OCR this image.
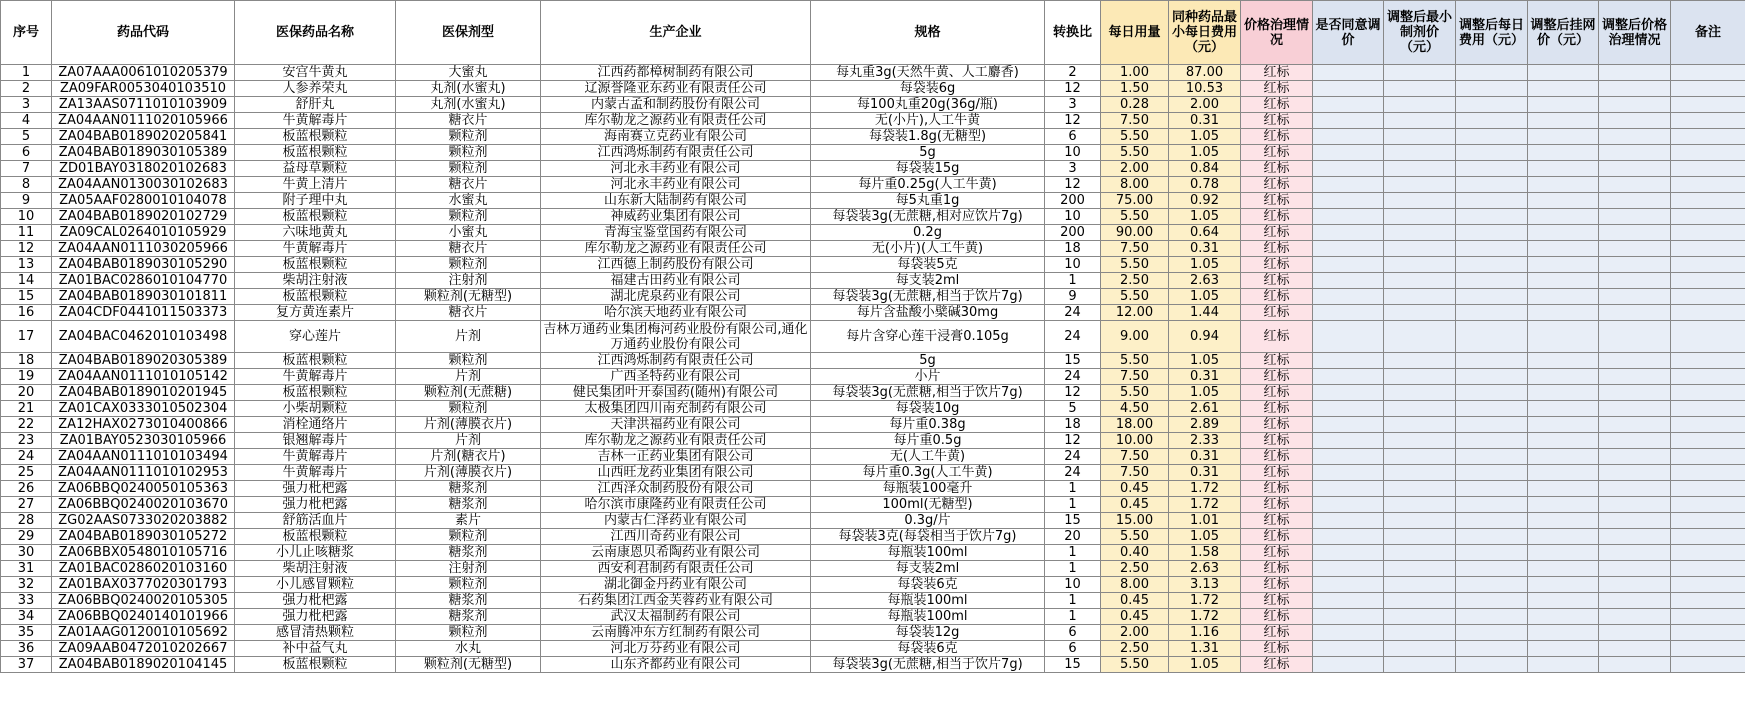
序号	药品代码	医保药品名称	医保剂型	生产企业	规格	转换比	每日用量	同种药品最小每日费用（元）	价格治理情况	是否同意调价	调整后最小制剂价（元）	调整后每日费用（元）	调整后挂网价（元）	调整后价格治理情况	备注
1	ZA07AAA0061010205379	安宫牛黄丸	大蜜丸	江西药都樟树制药有限公司	每丸重3g(天然牛黄、人工麝香)	2	1.00	87.00	红标						
2	ZA09FAR0053040103510	人参养荣丸	丸剂(水蜜丸)	辽源誉隆亚东药业有限责任公司	每袋装6g	12	1.50	10.53	红标						
3	ZA13AAS0711010103909	舒肝丸	丸剂(水蜜丸)	内蒙古孟和制药股份有限公司	每100丸重20g(36g/瓶)	3	0.28	2.00	红标						
4	ZA04AAN0111020105966	牛黄解毒片	糖衣片	库尔勒龙之源药业有限责任公司	无(小片),人工牛黄	12	7.50	0.31	红标						
5	ZA04BAB0189020205841	板蓝根颗粒	颗粒剂	海南赛立克药业有限公司	每袋装1.8g(无糖型)	6	5.50	1.05	红标						
6	ZA04BAB0189030105389	板蓝根颗粒	颗粒剂	江西鸿烁制药有限责任公司	5g	10	5.50	1.05	红标						
7	ZD01BAY0318020102683	益母草颗粒	颗粒剂	河北永丰药业有限公司	每袋装15g	3	2.00	0.84	红标						
8	ZA04AAN0130030102683	牛黄上清片	糖衣片	河北永丰药业有限公司	每片重0.25g(人工牛黄)	12	8.00	0.78	红标						
9	ZA05AAF0280010104078	附子理中丸	水蜜丸	山东新大陆制药有限公司	每5丸重1g	200	75.00	0.92	红标						
10	ZA04BAB0189020102729	板蓝根颗粒	颗粒剂	神威药业集团有限公司	每袋装3g(无蔗糖,相对应饮片7g)	10	5.50	1.05	红标						
11	ZA09CAL0264010105929	六味地黄丸	小蜜丸	青海宝鉴堂国药有限公司	0.2g	200	90.00	0.64	红标						
12	ZA04AAN0111030205966	牛黄解毒片	糖衣片	库尔勒龙之源药业有限责任公司	无(小片)(人工牛黄)	18	7.50	0.31	红标						
13	ZA04BAB0189030105290	板蓝根颗粒	颗粒剂	江西德上制药股份有限公司	每袋装5克	10	5.50	1.05	红标						
14	ZA01BAC0286010104770	柴胡注射液	注射剂	福建古田药业有限公司	每支装2ml	1	2.50	2.63	红标						
15	ZA04BAB0189030101811	板蓝根颗粒	颗粒剂(无糖型)	湖北虎泉药业有限公司	每袋装3g(无蔗糖,相当于饮片7g)	9	5.50	1.05	红标						
16	ZA04CDF0441011503373	复方黄连素片	糖衣片	哈尔滨天地药业有限公司	每片含盐酸小檗碱30mg	24	12.00	1.44	红标						
17	ZA04BAC0462010103498	穿心莲片	片剂	吉林万通药业集团梅河药业股份有限公司,通化万通药业股份有限公司	每片含穿心莲干浸膏0.105g	24	9.00	0.94	红标						
18	ZA04BAB0189020305389	板蓝根颗粒	颗粒剂	江西鸿烁制药有限责任公司	5g	15	5.50	1.05	红标						
19	ZA04AAN0111010105142	牛黄解毒片	片剂	广西圣特药业有限公司	小片	24	7.50	0.31	红标						
20	ZA04BAB0189010201945	板蓝根颗粒	颗粒剂(无蔗糖)	健民集团叶开泰国药(随州)有限公司	每袋装3g(无蔗糖,相当于饮片7g)	12	5.50	1.05	红标						
21	ZA01CAX0333010502304	小柴胡颗粒	颗粒剂	太极集团四川南充制药有限公司	每袋装10g	5	4.50	2.61	红标						
22	ZA12HAX0273010400866	消栓通络片	片剂(薄膜衣片)	天津洪福药业有限公司	每片重0.38g	18	18.00	2.89	红标						
23	ZA01BAY0523030105966	银翘解毒片	片剂	库尔勒龙之源药业有限责任公司	每片重0.5g	12	10.00	2.33	红标						
24	ZA04AAN0111010103494	牛黄解毒片	片剂(糖衣片)	吉林一正药业集团有限公司	无(人工牛黄)	24	7.50	0.31	红标						
25	ZA04AAN0111010102953	牛黄解毒片	片剂(薄膜衣片)	山西旺龙药业集团有限公司	每片重0.3g(人工牛黄)	24	7.50	0.31	红标						
26	ZA06BBQ0240050105363	强力枇杷露	糖浆剂	江西泽众制药股份有限公司	每瓶装100毫升	1	0.45	1.72	红标						
27	ZA06BBQ0240020103670	强力枇杷露	糖浆剂	哈尔滨市康隆药业有限责任公司	100ml(无糖型)	1	0.45	1.72	红标						
28	ZG02AAS0733020203882	舒筋活血片	素片	内蒙古仁泽药业有限公司	0.3g/片	15	15.00	1.01	红标						
29	ZA04BAB0189030105272	板蓝根颗粒	颗粒剂	江西川奇药业有限公司	每袋装3克(每袋相当于饮片7g)	20	5.50	1.05	红标						
30	ZA06BBX0548010105716	小儿止咳糖浆	糖浆剂	云南康恩贝希陶药业有限公司	每瓶装100ml	1	0.40	1.58	红标						
31	ZA01BAC0286020103160	柴胡注射液	注射剂	西安利君制药有限责任公司	每支装2ml	1	2.50	2.63	红标						
32	ZA01BAX0377020301793	小儿感冒颗粒	颗粒剂	湖北御金丹药业有限公司	每袋装6克	10	8.00	3.13	红标						
33	ZA06BBQ0240020105305	强力枇杷露	糖浆剂	石药集团江西金芙蓉药业有限公司	每瓶装100ml	1	0.45	1.72	红标						
34	ZA06BBQ0240140101966	强力枇杷露	糖浆剂	武汉太福制药有限公司	每瓶装100ml	1	0.45	1.72	红标						
35	ZA01AAG0120010105692	感冒清热颗粒	颗粒剂	云南腾冲东方红制药有限公司	每袋装12g	6	2.00	1.16	红标						
36	ZA09AAB0472010202667	补中益气丸	水丸	河北万芬药业有限公司	每袋装6克	6	2.50	1.31	红标						
37	ZA04BAB0189020104145	板蓝根颗粒	颗粒剂(无糖型)	山东齐都药业有限公司	每袋装3g(无蔗糖,相当于饮片7g)	15	5.50	1.05	红标						
